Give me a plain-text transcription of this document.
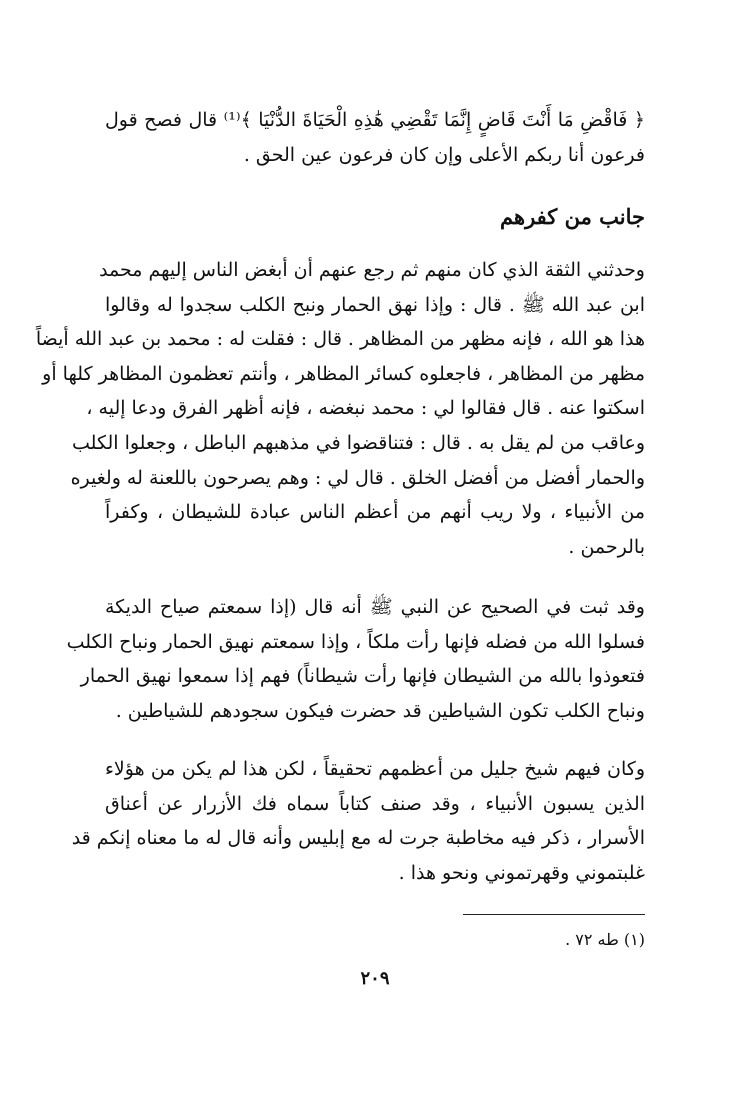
﴿ فَاقْضِ مَا أَنْتَ قَاضٍ إِنَّمَا تَقْضِي هَٰذِهِ الْحَيَاةَ الدُّنْيَا ﴾⁽¹⁾ قال فصح قول
فرعون أنا ربكم الأعلى وإن كان فرعون عين الحق .
جانب من كفرهم
وحدثني الثقة الذي كان منهم ثم رجع عنهم أن أبغض الناس إليهم محمد
ابن عبد الله ﷺ . قال : وإذا نهق الحمار ونبح الكلب سجدوا له وقالوا
هذا هو الله ، فإنه مظهر من المظاهر . قال : فقلت له : محمد بن عبد الله أيضاً
مظهر من المظاهر ، فاجعلوه كسائر المظاهر ، وأنتم تعظمون المظاهر كلها أو
اسكتوا عنه . قال فقالوا لي : محمد نبغضه ، فإنه أظهر الفرق ودعا إليه ،
وعاقب من لم يقل به . قال : فتناقضوا في مذهبهم الباطل ، وجعلوا الكلب
والحمار أفضل من أفضل الخلق . قال لي : وهم يصرحون باللعنة له ولغيره
من الأنبياء ، ولا ريب أنهم من أعظم الناس عبادة للشيطان ، وكفراً
بالرحمن .
وقد ثبت في الصحيح عن النبي ﷺ أنه قال (إذا سمعتم صياح الديكة
فسلوا الله من فضله فإنها رأت ملكاً ، وإذا سمعتم نهيق الحمار ونباح الكلب
فتعوذوا بالله من الشيطان فإنها رأت شيطاناً) فهم إذا سمعوا نهيق الحمار
ونباح الكلب تكون الشياطين قد حضرت فيكون سجودهم للشياطين .
وكان فيهم شيخ جليل من أعظمهم تحقيقاً ، لكن هذا لم يكن من هؤلاء
الذين يسبون الأنبياء ، وقد صنف كتاباً سماه فك الأزرار عن أعناق
الأسرار ، ذكر فيه مخاطبة جرت له مع إبليس وأنه قال له ما معناه إنكم قد
غلبتموني وقهرتموني ونحو هذا .
(١) طه ٧٢ .
٢٠٩
